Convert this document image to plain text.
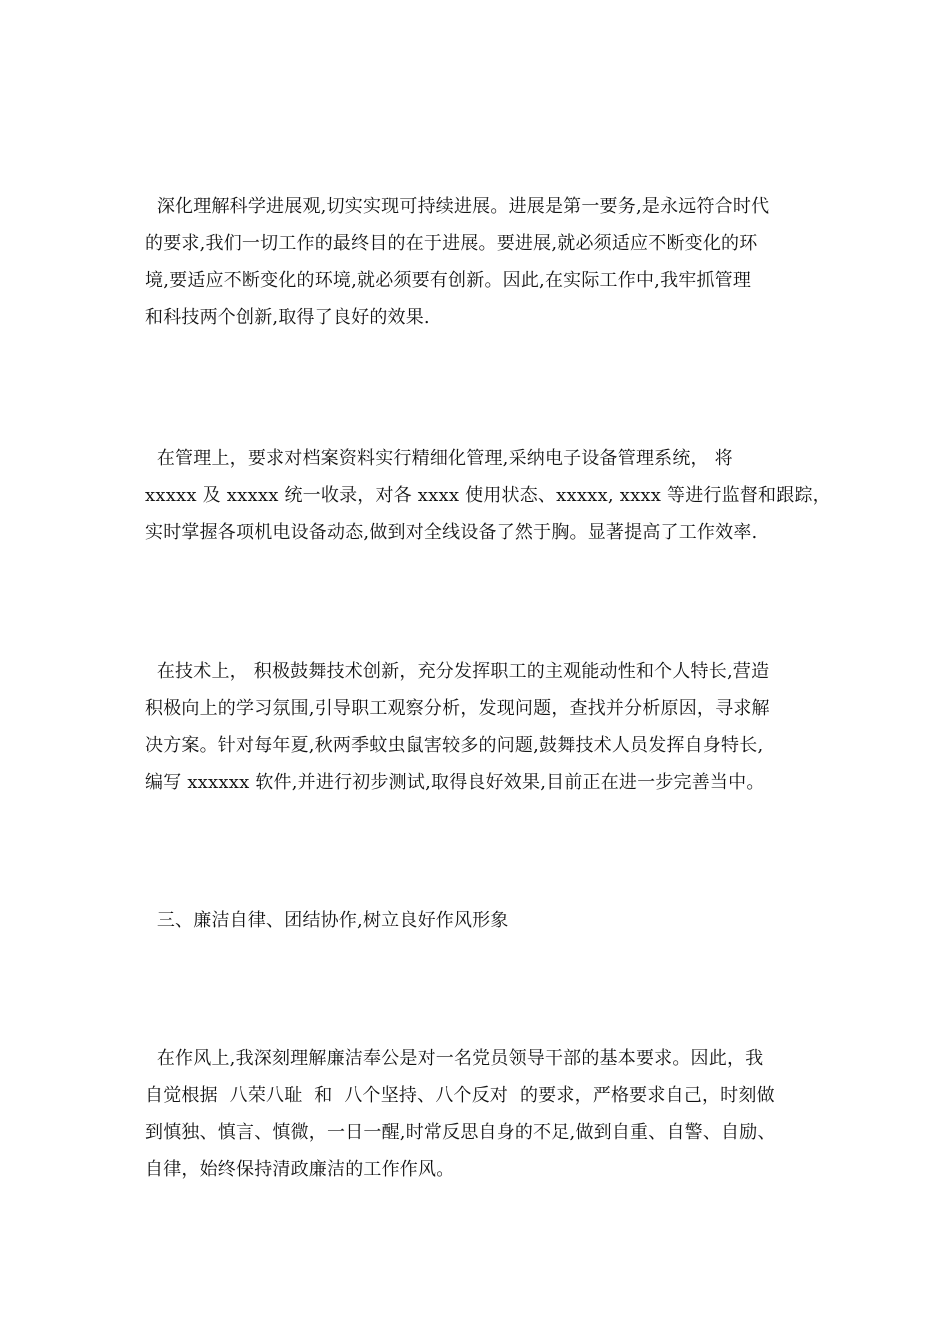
深化理解科学进展观,切实实现可持续进展。进展是第一要务,是永远符合时代
的要求,我们一切工作的最终目的在于进展。要进展,就必须适应不断变化的环
境,要适应不断变化的环境,就必须要有创新。因此,在实际工作中,我牢抓管理
和科技两个创新,取得了良好的效果.
在管理上，要求对档案资料实行精细化管理,采纳电子设备管理系统， 将
xxxxx 及 xxxxx 统一收录，对各 xxxx 使用状态、xxxxx, xxxx 等进行监督和跟踪，
实时掌握各项机电设备动态,做到对全线设备了然于胸。显著提高了工作效率.
在技术上， 积极鼓舞技术创新，充分发挥职工的主观能动性和个人特长,营造
积极向上的学习氛围,引导职工观察分析，发现问题，查找并分析原因，寻求解
决方案。针对每年夏,秋两季蚊虫鼠害较多的问题,鼓舞技术人员发挥自身特长,
编写 xxxxxx 软件,并进行初步测试,取得良好效果,目前正在进一步完善当中。
三、廉洁自律、团结协作,树立良好作风形象
在作风上,我深刻理解廉洁奉公是对一名党员领导干部的基本要求。因此，我
自觉根据  八荣八耻  和  八个坚持、八个反对  的要求，严格要求自己，时刻做
到慎独、慎言、慎微，一日一醒,时常反思自身的不足,做到自重、自警、自励、
自律，始终保持清政廉洁的工作作风。
